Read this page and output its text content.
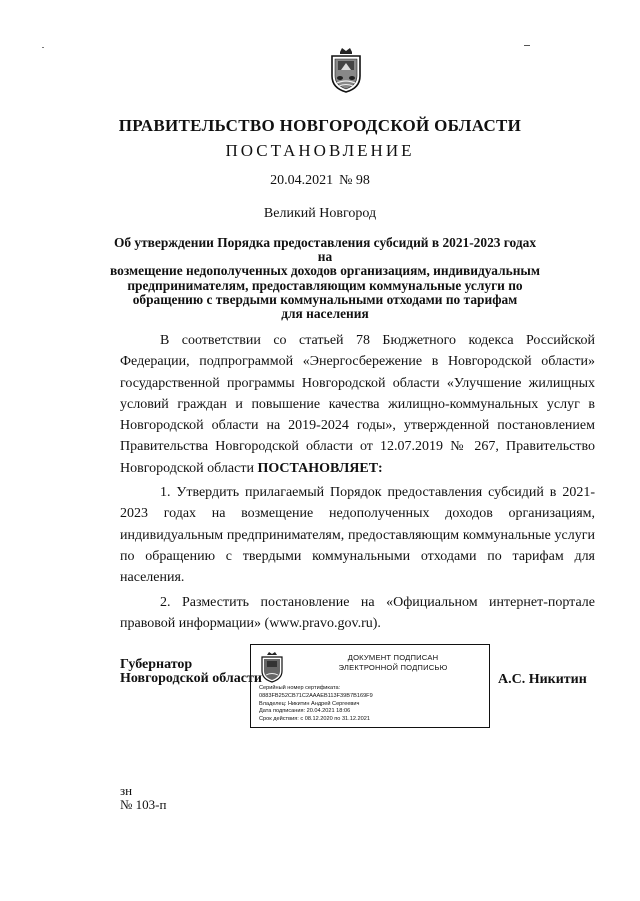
ПРАВИТЕЛЬСТВО НОВГОРОДСКОЙ ОБЛАСТИ
ПОСТАНОВЛЕНИЕ
20.04.2021 № 98
Великий Новгород
Об утверждении Порядка предоставления субсидий в 2021-2023 годах на
возмещение недополученных доходов организациям, индивидуальным
предпринимателям, предоставляющим коммунальные услуги по
обращению с твердыми коммунальными отходами по тарифам
для населения

В соответствии со статьей 78 Бюджетного кодекса Российской Федерации, подпрограммой «Энергосбережение в Новгородской области» государственной программы Новгородской области «Улучшение жилищных условий граждан и повышение качества жилищно-коммунальных услуг в Новгородской области на 2019-2024 годы», утвержденной постановлением Правительства Новгородской области от 12.07.2019 № 267, Правительство Новгородской области ПОСТАНОВЛЯЕТ:

1. Утвердить прилагаемый Порядок предоставления субсидий в 2021-2023 годах на возмещение недополученных доходов организациям, индивидуальным предпринимателям, предоставляющим коммунальные услуги по обращению с твердыми коммунальными отходами по тарифам для населения.

2. Разместить постановление на «Официальном интернет-портале правовой информации» (www.pravo.gov.ru).

Губернатор
Новгородской области
ДОКУМЕНТ ПОДПИСАН
ЭЛЕКТРОННОЙ ПОДПИСЬЮ
Серийный номер сертификата:
0883FB252CB71C2AAAEB113F39B7B169F9
Владелец: Никитин Андрей Сергеевич
Дата подписания: 20.04.2021 18:06
Срок действия: с 08.12.2020 по 31.12.2021
А.С. Никитин
зн
№ 103-п
